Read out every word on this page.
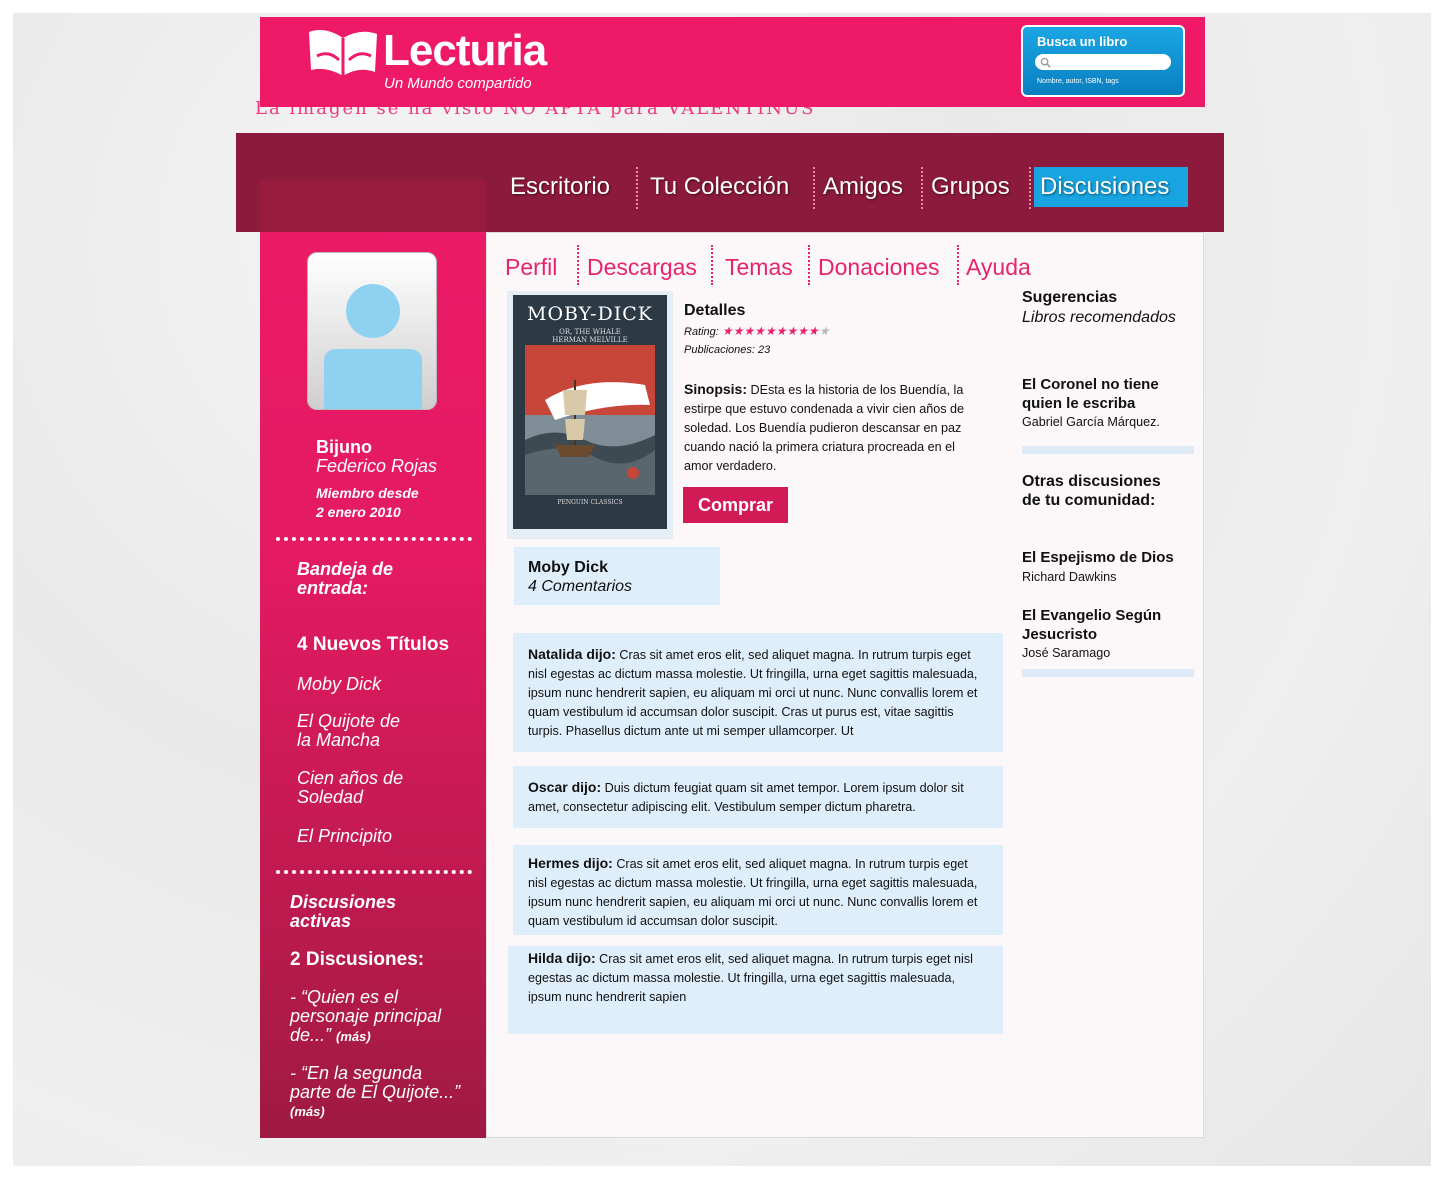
La imagen se ha visto NO APTA para VALENTINUS
Lecturia
Un Mundo compartido
Busca un libro
Nombre, autor, ISBN, tags
Escritorio	Tu Colección	Amigos	Grupos	Discusiones
Bijuno
Federico Rojas
Miembro desde
2 enero 2010
Bandeja de
entrada:
4 Nuevos Títulos
Moby Dick
El Quijote de
la Mancha
Cien años de
Soledad
El Principito
Discusiones
activas
2 Discusiones:
- “Quien es el
personaje principal
de...” (más)
- “En la segunda
parte de El Quijote...”
(más)
Perfil Descargas Temas Donaciones Ayuda
MOBY-DICK
OR, THE WHALE
HERMAN MELVILLE
PENGUIN CLASSICS
Detalles
Rating: ★★★★★★★★★★
Publicaciones: 23
Sinopsis: DEsta es la historia de los Buendía, la estirpe que estuvo condenada a vivir cien años de soledad. Los Buendía pudieron descansar en paz cuando nació la primera criatura procreada en el amor verdadero.
Comprar
Moby Dick
4 Comentarios
Natalida dijo: Cras sit amet eros elit, sed aliquet magna. In rutrum turpis eget nisl egestas ac dictum massa molestie. Ut fringilla, urna eget sagittis malesuada, ipsum nunc hendrerit sapien, eu aliquam mi orci ut nunc. Nunc convallis lorem et quam vestibulum id accumsan dolor suscipit. Cras ut purus est, vitae sagittis turpis. Phasellus dictum ante ut mi semper ullamcorper. Ut
Oscar dijo: Duis dictum feugiat quam sit amet tempor. Lorem ipsum dolor sit amet, consectetur adipiscing elit. Vestibulum semper dictum pharetra.
Hermes dijo: Cras sit amet eros elit, sed aliquet magna. In rutrum turpis eget nisl egestas ac dictum massa molestie. Ut fringilla, urna eget sagittis malesuada, ipsum nunc hendrerit sapien, eu aliquam mi orci ut nunc. Nunc convallis lorem et quam vestibulum id accumsan dolor suscipit.
Hilda dijo: Cras sit amet eros elit, sed aliquet magna. In rutrum turpis eget nisl egestas ac dictum massa molestie. Ut fringilla, urna eget sagittis malesuada, ipsum nunc hendrerit sapien
Sugerencias
Libros recomendados
El Coronel no tiene
quien le escriba
Gabriel García Márquez.
Otras discusiones
de tu comunidad:
El Espejismo de Dios
Richard Dawkins
El Evangelio Según
Jesucristo
José Saramago
